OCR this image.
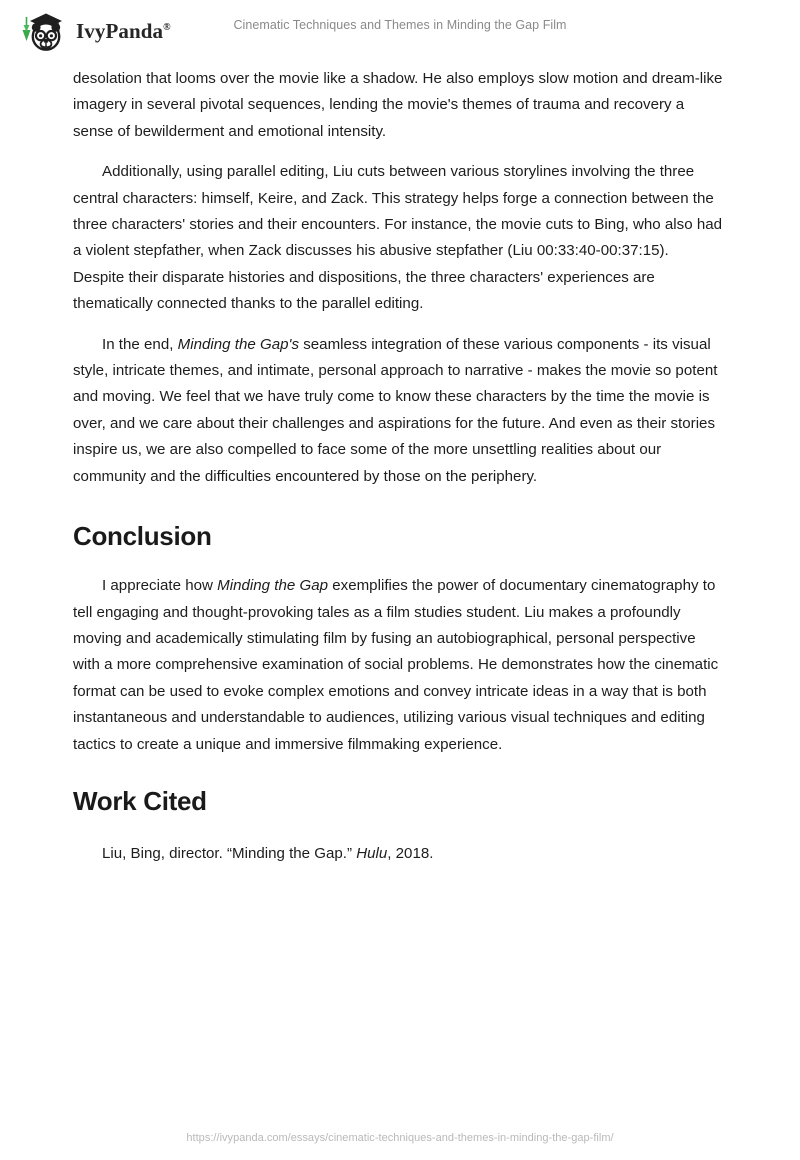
IvyPanda®	Cinematic Techniques and Themes in Minding the Gap Film

desolation that looms over the movie like a shadow. He also employs slow motion and dream-like imagery in several pivotal sequences, lending the movie's themes of trauma and recovery a sense of bewilderment and emotional intensity.

Additionally, using parallel editing, Liu cuts between various storylines involving the three central characters: himself, Keire, and Zack. This strategy helps forge a connection between the three characters' stories and their encounters. For instance, the movie cuts to Bing, who also had a violent stepfather, when Zack discusses his abusive stepfather (Liu 00:33:40-00:37:15). Despite their disparate histories and dispositions, the three characters' experiences are thematically connected thanks to the parallel editing.

In the end, Minding the Gap's seamless integration of these various components - its visual style, intricate themes, and intimate, personal approach to narrative - makes the movie so potent and moving. We feel that we have truly come to know these characters by the time the movie is over, and we care about their challenges and aspirations for the future. And even as their stories inspire us, we are also compelled to face some of the more unsettling realities about our community and the difficulties encountered by those on the periphery.

Conclusion

I appreciate how Minding the Gap exemplifies the power of documentary cinematography to tell engaging and thought-provoking tales as a film studies student. Liu makes a profoundly moving and academically stimulating film by fusing an autobiographical, personal perspective with a more comprehensive examination of social problems. He demonstrates how the cinematic format can be used to evoke complex emotions and convey intricate ideas in a way that is both instantaneous and understandable to audiences, utilizing various visual techniques and editing tactics to create a unique and immersive filmmaking experience.

Work Cited

Liu, Bing, director. “Minding the Gap.” Hulu, 2018.

https://ivypanda.com/essays/cinematic-techniques-and-themes-in-minding-the-gap-film/
